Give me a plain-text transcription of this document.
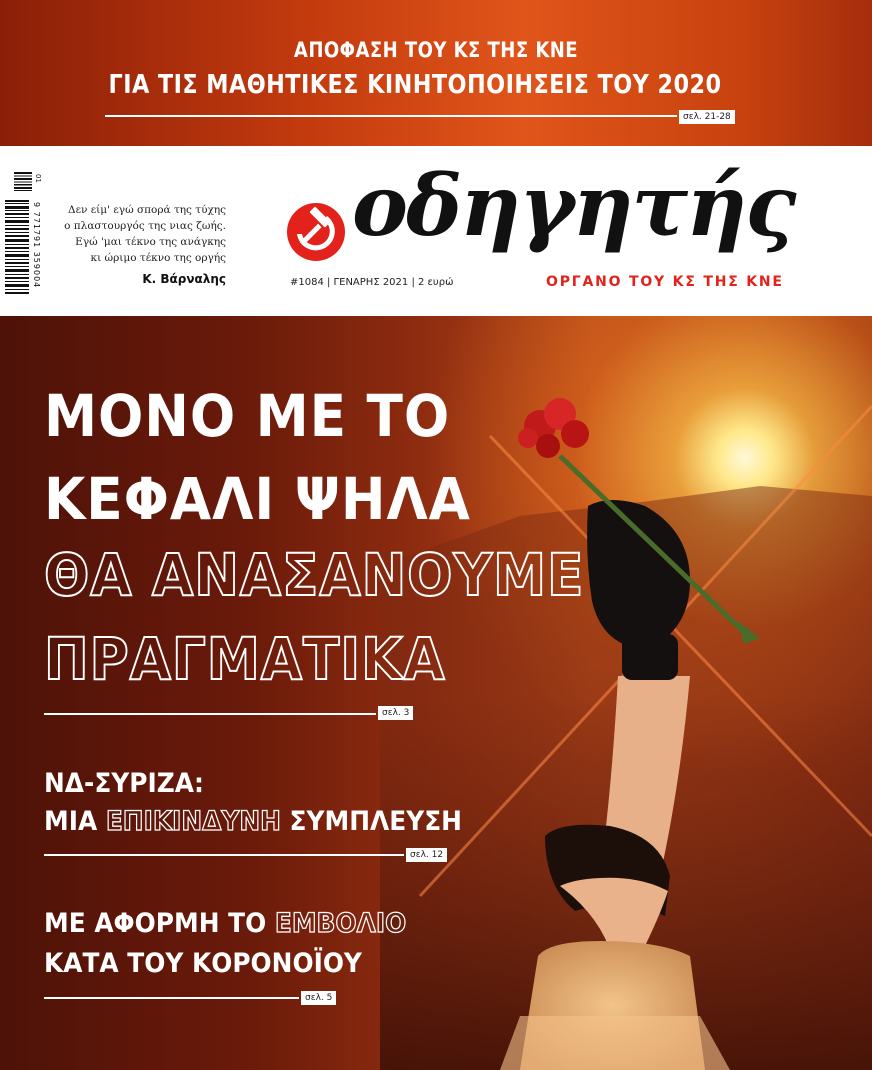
ΑΠΟΦΑΣΗ ΤΟΥ ΚΣ ΤΗΣ ΚΝΕ
ΓΙΑ ΤΙΣ ΜΑΘΗΤΙΚΕΣ ΚΙΝΗΤΟΠΟΙΗΣΕΙΣ ΤΟΥ 2020
σελ. 21-28
01
9 771791 359004	Δεν είμ' εγώ σπορά της τύχης
ο πλαστουργός της νιας ζωής.
Εγώ 'μαι τέκνο της ανάγκης
κι ώριμο τέκνο της οργής
Κ. Βάρναλης
οδηγητής
#1084 | ΓΕΝΑΡΗΣ 2021 | 2 ευρώ	ΟΡΓΑΝΟ ΤΟΥ ΚΣ ΤΗΣ ΚΝΕ
ΜΟΝΟ ΜΕ ΤΟ
ΚΕΦΑΛΙ ΨΗΛΑ
ΘΑ ΑΝΑΣΑΝΟΥΜΕ
ΠΡΑΓΜΑΤΙΚΑ
σελ. 3
ΝΔ-ΣΥΡΙΖΑ:
ΜΙΑ ΕΠΙΚΙΝΔΥΝΗ ΣΥΜΠΛΕΥΣΗ
σελ. 12
ΜΕ ΑΦΟΡΜΗ ΤΟ ΕΜΒΟΛΙΟ
ΚΑΤΑ ΤΟΥ ΚΟΡΟΝΟΪΟΥ
σελ. 5
